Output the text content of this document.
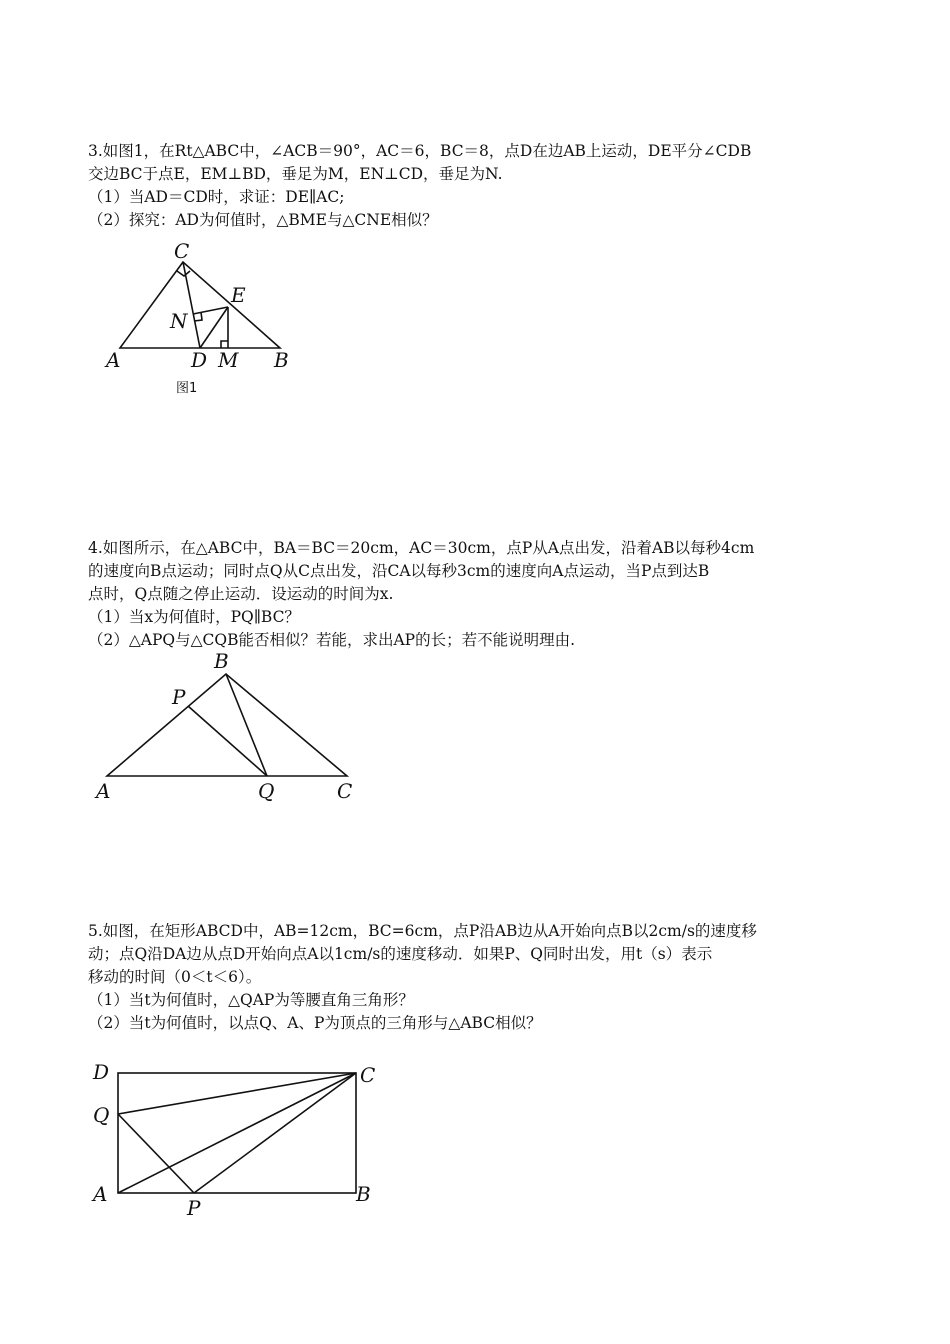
3.如图1，在Rt△ABC中，∠ACB＝90°，AC＝6，BC＝8，点D在边AB上运动，DE平分∠CDB

交边BC于点E，EM⊥BD，垂足为M，EN⊥CD，垂足为N.

（1）当AD＝CD时，求证：DE∥AC;

（2）探究：AD为何值时，△BME与△CNE相似？

C
E
N
A	D M B
图1

4.如图所示，在△ABC中，BA＝BC＝20cm，AC＝30cm，点P从A点出发，沿着AB以每秒4cm

的速度向B点运动；同时点Q从C点出发，沿CA以每秒3cm的速度向A点运动，当P点到达B

点时，Q点随之停止运动．设运动的时间为x.

（1）当x为何值时，PQ∥BC？

（2）△APQ与△CQB能否相似？若能，求出AP的长；若不能说明理由.

B
P
A	Q	C

5.如图，在矩形ABCD中，AB=12cm，BC=6cm，点P沿AB边从A开始向点B以2cm/s的速度移

动；点Q沿DA边从点D开始向点A以1cm/s的速度移动．如果P、Q同时出发，用t（s）表示

移动的时间（0＜t＜6）。

（1）当t为何值时，△QAP为等腰直角三角形？

（2）当t为何值时，以点Q、A、P为顶点的三角形与△ABC相似？

D	C
Q
A
P
B
